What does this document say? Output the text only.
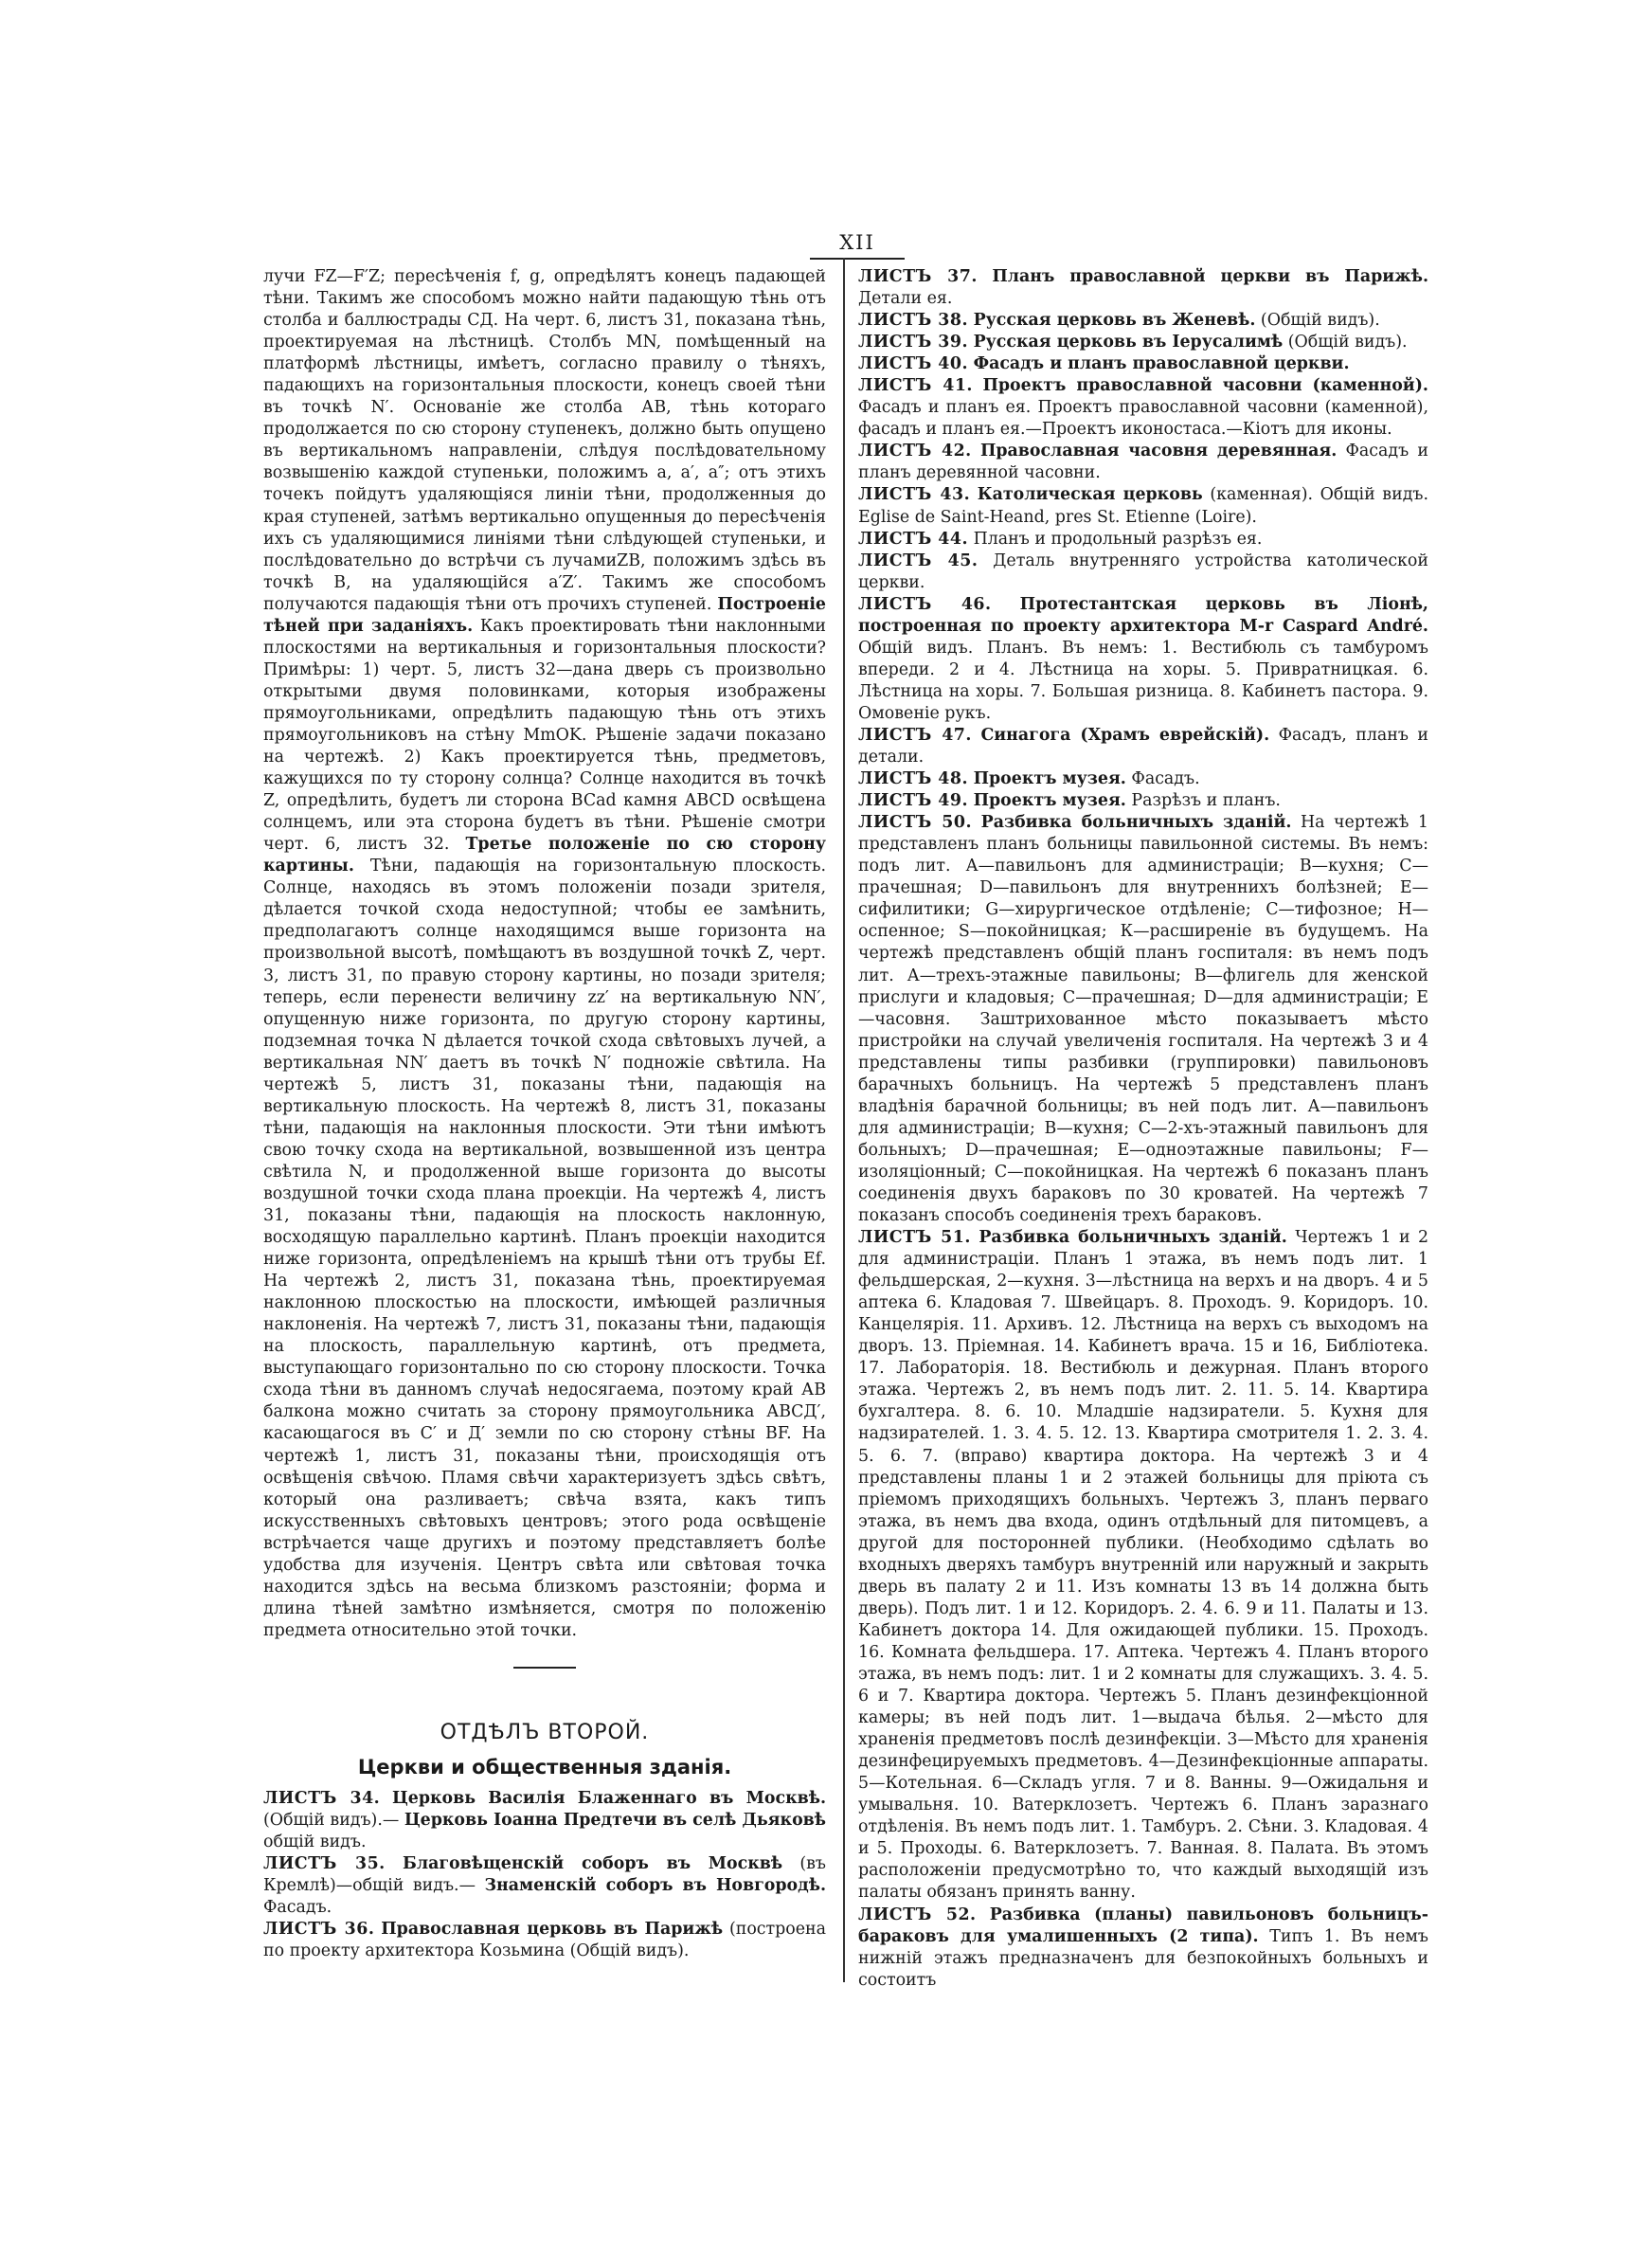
XII

лучи FZ—F′Z; пересѣченія f, g, опредѣлятъ конецъ падающей тѣни. Такимъ же способомъ можно найти падающую тѣнь отъ столба и баллюстрады СД. На черт. 6, листъ 31, показана тѣнь, проектируемая на лѣстницѣ. Столбъ MN, помѣщенный на платформѣ лѣстницы, имѣетъ, согласно правилу о тѣняхъ, падающихъ на горизонтальныя плоскости, конецъ своей тѣни въ точкѣ N′. Основаніе же столба АВ, тѣнь котораго продолжается по сю сторону ступенекъ, должно быть опущено въ вертикальномъ направленіи, слѣдуя послѣдовательному возвышенію каждой ступеньки, положимъ а, а′, а″; отъ этихъ точекъ пойдутъ удаляющіяся линіи тѣни, продолженныя до края ступеней, затѣмъ вертикально опущенныя до пересѣченія ихъ съ удаляющимися линіями тѣни слѣдующей ступеньки, и послѣдовательно до встрѣчи съ лучамиZB, положимъ здѣсь въ точкѣ В, на удаляющійся a′Z′. Такимъ же способомъ получаются падающія тѣни отъ прочихъ ступеней. Построеніе тѣней при заданіяхъ. Какъ проектировать тѣни наклонными плоскостями на вертикальныя и горизонтальныя плоскости? Примѣры: 1) черт. 5, листъ 32—дана дверь съ произвольно открытыми двумя половинками, которыя изображены прямоугольниками, опредѣлить падающую тѣнь отъ этихъ прямоугольниковъ на стѣну MmOK. Рѣшеніе задачи показано на чертежѣ. 2) Какъ проектируется тѣнь, предметовъ, кажущихся по ту сторону солнца? Солнце находится въ точкѣ Z, опредѣлить, будетъ ли сторона BCad камня ABCD освѣщена солнцемъ, или эта сторона будетъ въ тѣни. Рѣшеніе смотри черт. 6, листъ 32. Третье положеніе по сю сторону картины. Тѣни, падающія на горизонтальную плоскость. Солнце, находясь въ этомъ положеніи позади зрителя, дѣлается точкой схода недоступной; чтобы ее замѣнить, предполагаютъ солнце находящимся выше горизонта на произвольной высотѣ, помѣщаютъ въ воздушной точкѣ Z, черт. 3, листъ 31, по правую сторону картины, но позади зрителя; теперь, если перенести величину zz′ на вертикальную NN′, опущенную ниже горизонта, по другую сторону картины, подземная точка N дѣлается точкой схода свѣтовыхъ лучей, а вертикальная NN′ даетъ въ точкѣ N′ подножіе свѣтила. На чертежѣ 5, листъ 31, показаны тѣни, падающія на вертикальную плоскость. На чертежѣ 8, листъ 31, показаны тѣни, падающія на наклонныя плоскости. Эти тѣни имѣютъ свою точку схода на вертикальной, возвышенной изъ центра свѣтила N, и продолженной выше горизонта до высоты воздушной точки схода плана проекціи. На чертежѣ 4, листъ 31, показаны тѣни, падающія на плоскость наклонную, восходящую параллельно картинѣ. Планъ проекціи находится ниже горизонта, опредѣленіемъ на крышѣ тѣни отъ трубы Ef. На чертежѣ 2, листъ 31, показана тѣнь, проектируемая наклонною плоскостью на плоскости, имѣющей различныя наклоненія. На чертежѣ 7, листъ 31, показаны тѣни, падающія на плоскость, параллельную картинѣ, отъ предмета, выступающаго горизонтально по сю сторону плоскости. Точка схода тѣни въ данномъ случаѣ недосягаема, поэтому край АВ балкона можно считать за сторону прямоугольника АВСД′, касающагося въ С′ и Д′ земли по сю сторону стѣны BF. На чертежѣ 1, листъ 31, показаны тѣни, происходящія отъ освѣщенія свѣчою. Пламя свѣчи характеризуетъ здѣсь свѣтъ, который она разливаетъ; свѣча взята, какъ типъ искусственныхъ свѣтовыхъ центровъ; этого рода освѣщеніе встрѣчается чаще другихъ и поэтому представляетъ болѣе удобства для изученія. Центръ свѣта или свѣтовая точка находится здѣсь на весьма близкомъ разстояніи; форма и длина тѣней замѣтно измѣняется, смотря по положенію предмета относительно этой точки.

ОТДѢЛЪ ВТОРОЙ.
Церкви и общественныя зданія.

ЛИСТЪ 34. Церковь Василія Блаженнаго въ Москвѣ. (Общій видъ).— Церковь Іоанна Предтечи въ селѣ Дьяковѣ общій видъ.

ЛИСТЪ 35. Благовѣщенскій соборъ въ Москвѣ (въ Кремлѣ)—общій видъ.— Знаменскій соборъ въ Новгородѣ. Фасадъ.

ЛИСТЪ 36. Православная церковь въ Парижѣ (построена по проекту архитектора Козьмина (Общій видъ).

ЛИСТЪ 37. Планъ православной церкви въ Парижѣ. Детали ея.

ЛИСТЪ 38. Русская церковь въ Женевѣ. (Общій видъ).

ЛИСТЪ 39. Русская церковь въ Іерусалимѣ (Общій видъ).

ЛИСТЪ 40. Фасадъ и планъ православной церкви.

ЛИСТЪ 41. Проектъ православной часовни (каменной). Фасадъ и планъ ея. Проектъ православной часовни (каменной), фасадъ и планъ ея.—Проектъ иконостаса.—Кіотъ для иконы.

ЛИСТЪ 42. Православная часовня деревянная. Фасадъ и планъ деревянной часовни.

ЛИСТЪ 43. Католическая церковь (каменная). Общій видъ. Eglise de Saint-Heand, pres St. Etienne (Loire).

ЛИСТЪ 44. Планъ и продольный разрѣзъ ея.

ЛИСТЪ 45. Деталь внутренняго устройства католической церкви.

ЛИСТЪ 46. Протестантская церковь въ Ліонѣ, построенная по проекту архитектора M-r Caspard André. Общій видъ. Планъ. Въ немъ: 1. Вестибюль съ тамбуромъ впереди. 2 и 4. Лѣстница на хоры. 5. Привратницкая. 6. Лѣстница на хоры. 7. Большая ризница. 8. Кабинетъ пастора. 9. Омовеніе рукъ.

ЛИСТЪ 47. Синагога (Храмъ еврейскій). Фасадъ, планъ и детали.

ЛИСТЪ 48. Проектъ музея. Фасадъ.

ЛИСТЪ 49. Проектъ музея. Разрѣзъ и планъ.

ЛИСТЪ 50. Разбивка больничныхъ зданій. На чертежѣ 1 представленъ планъ больницы павильонной системы. Въ немъ: подъ лит. А—павильонъ для администраціи; В—кухня; С—прачешная; D—павильонъ для внутреннихъ болѣзней; Е—сифилитики; G—хирургическое отдѣленіе; С—тифозное; Н—оспенное; S—покойницкая; К—расширеніе въ будущемъ. На чертежѣ представленъ общій планъ госпиталя: въ немъ подъ лит. А—трехъ-этажные павильоны; В—флигель для женской прислуги и кладовыя; С—прачешная; D—для администраціи; Е—часовня. Заштрихованное мѣсто показываетъ мѣсто пристройки на случай увеличенія госпиталя. На чертежѣ 3 и 4 представлены типы разбивки (группировки) павильоновъ барачныхъ больницъ. На чертежѣ 5 представленъ планъ владѣнія барачной больницы; въ ней подъ лит. А—павильонъ для администраціи; В—кухня; С—2-хъ-этажный павильонъ для больныхъ; D—прачешная; Е—одноэтажные павильоны; F—изоляціонный; С—покойницкая. На чертежѣ 6 показанъ планъ соединенія двухъ бараковъ по 30 кроватей. На чертежѣ 7 показанъ способъ соединенія трехъ бараковъ.

ЛИСТЪ 51. Разбивка больничныхъ зданій. Чертежъ 1 и 2 для администраціи. Планъ 1 этажа, въ немъ подъ лит. 1 фельдшерская, 2—кухня. 3—лѣстница на верхъ и на дворъ. 4 и 5 аптека 6. Кладовая 7. Швейцаръ. 8. Проходъ. 9. Коридоръ. 10. Канцелярія. 11. Архивъ. 12. Лѣстница на верхъ съ выходомъ на дворъ. 13. Пріемная. 14. Кабинетъ врача. 15 и 16, Библіотека. 17. Лабораторія. 18. Вестибюль и дежурная. Планъ второго этажа. Чертежъ 2, въ немъ подъ лит. 2. 11. 5. 14. Квартира бухгалтера. 8. 6. 10. Младшіе надзиратели. 5. Кухня для надзирателей. 1. 3. 4. 5. 12. 13. Квартира смотрителя 1. 2. 3. 4. 5. 6. 7. (вправо) квартира доктора. На чертежѣ 3 и 4 представлены планы 1 и 2 этажей больницы для пріюта съ пріемомъ приходящихъ больныхъ. Чертежъ 3, планъ перваго этажа, въ немъ два входа, одинъ отдѣльный для питомцевъ, а другой для посторонней публики. (Необходимо сдѣлать во входныхъ дверяхъ тамбуръ внутренній или наружный и закрыть дверь въ палату 2 и 11. Изъ комнаты 13 въ 14 должна быть дверь). Подъ лит. 1 и 12. Коридоръ. 2. 4. 6. 9 и 11. Палаты и 13. Кабинетъ доктора 14. Для ожидающей публики. 15. Проходъ. 16. Комната фельдшера. 17. Аптека. Чертежъ 4. Планъ второго этажа, въ немъ подъ: лит. 1 и 2 комнаты для служащихъ. 3. 4. 5. 6 и 7. Квартира доктора. Чертежъ 5. Планъ дезинфекціонной камеры; въ ней подъ лит. 1—выдача бѣлья. 2—мѣсто для храненія предметовъ послѣ дезинфекціи. 3—Мѣсто для храненія дезинфецируемыхъ предметовъ. 4—Дезинфекціонные аппараты. 5—Котельная. 6—Складъ угля. 7 и 8. Ванны. 9—Ожидальня и умывальня. 10. Ватерклозетъ. Чертежъ 6. Планъ заразнаго отдѣленія. Въ немъ подъ лит. 1. Тамбуръ. 2. Сѣни. 3. Кладовая. 4 и 5. Проходы. 6. Ватерклозетъ. 7. Ванная. 8. Палата. Въ этомъ расположеніи предусмотрѣно то, что каждый выходящій изъ палаты обязанъ принять ванну.

ЛИСТЪ 52. Разбивка (планы) павильоновъ больницъ-бараковъ для умалишенныхъ (2 типа). Типъ 1. Въ немъ нижній этажъ предназначенъ для безпокойныхъ больныхъ и состоитъ
